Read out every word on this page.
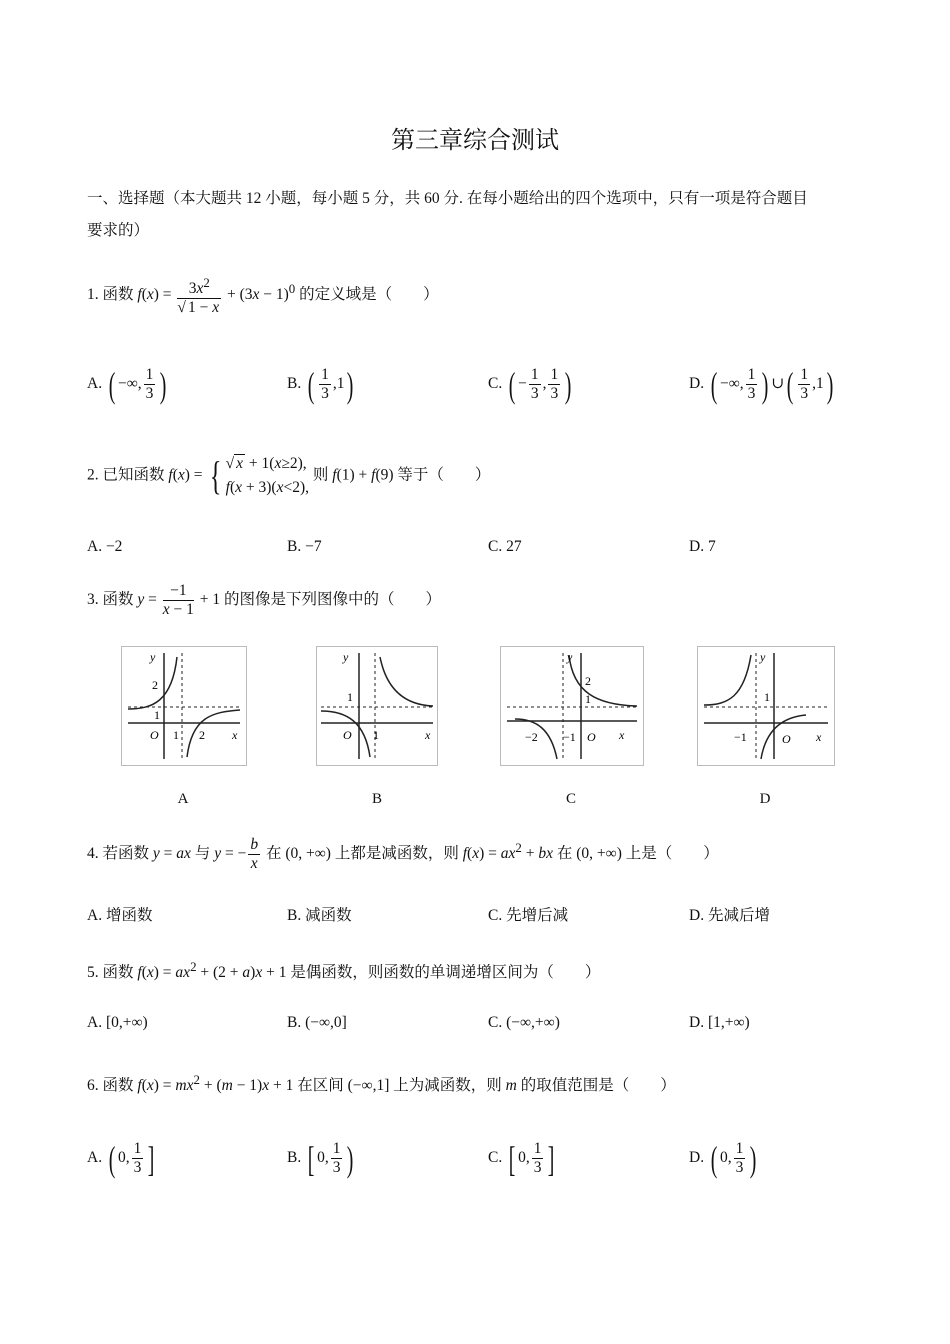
第三章综合测试
一、选择题（本大题共 12 小题，每小题 5 分，共 60 分. 在每小题给出的四个选项中，只有一项是符合题目
要求的）
1. 函数 $f(x) = \frac{3x^2}{√ 1 - x} + (3x - 1)^0$ 的定义域是（　　）
A. ( −∞, $\frac{1}{3}$ )	B. ( $\frac{1}{3} ,1$)	C. ( − $\frac{1}{3}$ , $\frac{1}{3}$ )	D. ( −∞, $\frac{1}{3}$ ) ∪( $\frac{1}{3} ,1$)
2. 已知函数 f(x) = { √ x + 1(x≥2),
f(x + 3)(x<2), 则 f(1) + f(9) 等于（　　）
A. −2	B. −7	C. 27	D. 7
3. 函数 $y = \frac{-1}{x - 1} + 1$ 的图像是下列图像中的（　　）
y
x
2
1
O 1 2
y
x
1
O 1
y
x
2
1
−2 −1 O
y
x
1
−1	O
A	B	C	D
4. 若函数 y = ax 与 y = − $\frac{b}{x}$ 在 (0, +∞) 上都是减函数，则 $f(x) = ax^2$ + bx 在 (0, +∞) 上是（　　）
A. 增函数	B. 减函数	C. 先增后减	D. 先减后增
5. 函数 $f(x) = ax^2 + (2 + a)x + 1$ 是偶函数，则函数的单调递增区间为（　　）
A. [0,+∞)	B. (−∞,0]	C. (−∞,+∞)	D. [1,+∞)
6. 函数 $f(x) = mx^2 + (m - 1)x + 1$ 在区间 (−∞,1] 上为减函数，则 m 的取值范围是（　　）
A. ( 0, $\frac{1}{3}$ ]	B. [ 0, $\frac{1}{3}$ )	C. [ 0, $\frac{1}{3}$ ]	D. ( 0, $\frac{1}{3}$ )
